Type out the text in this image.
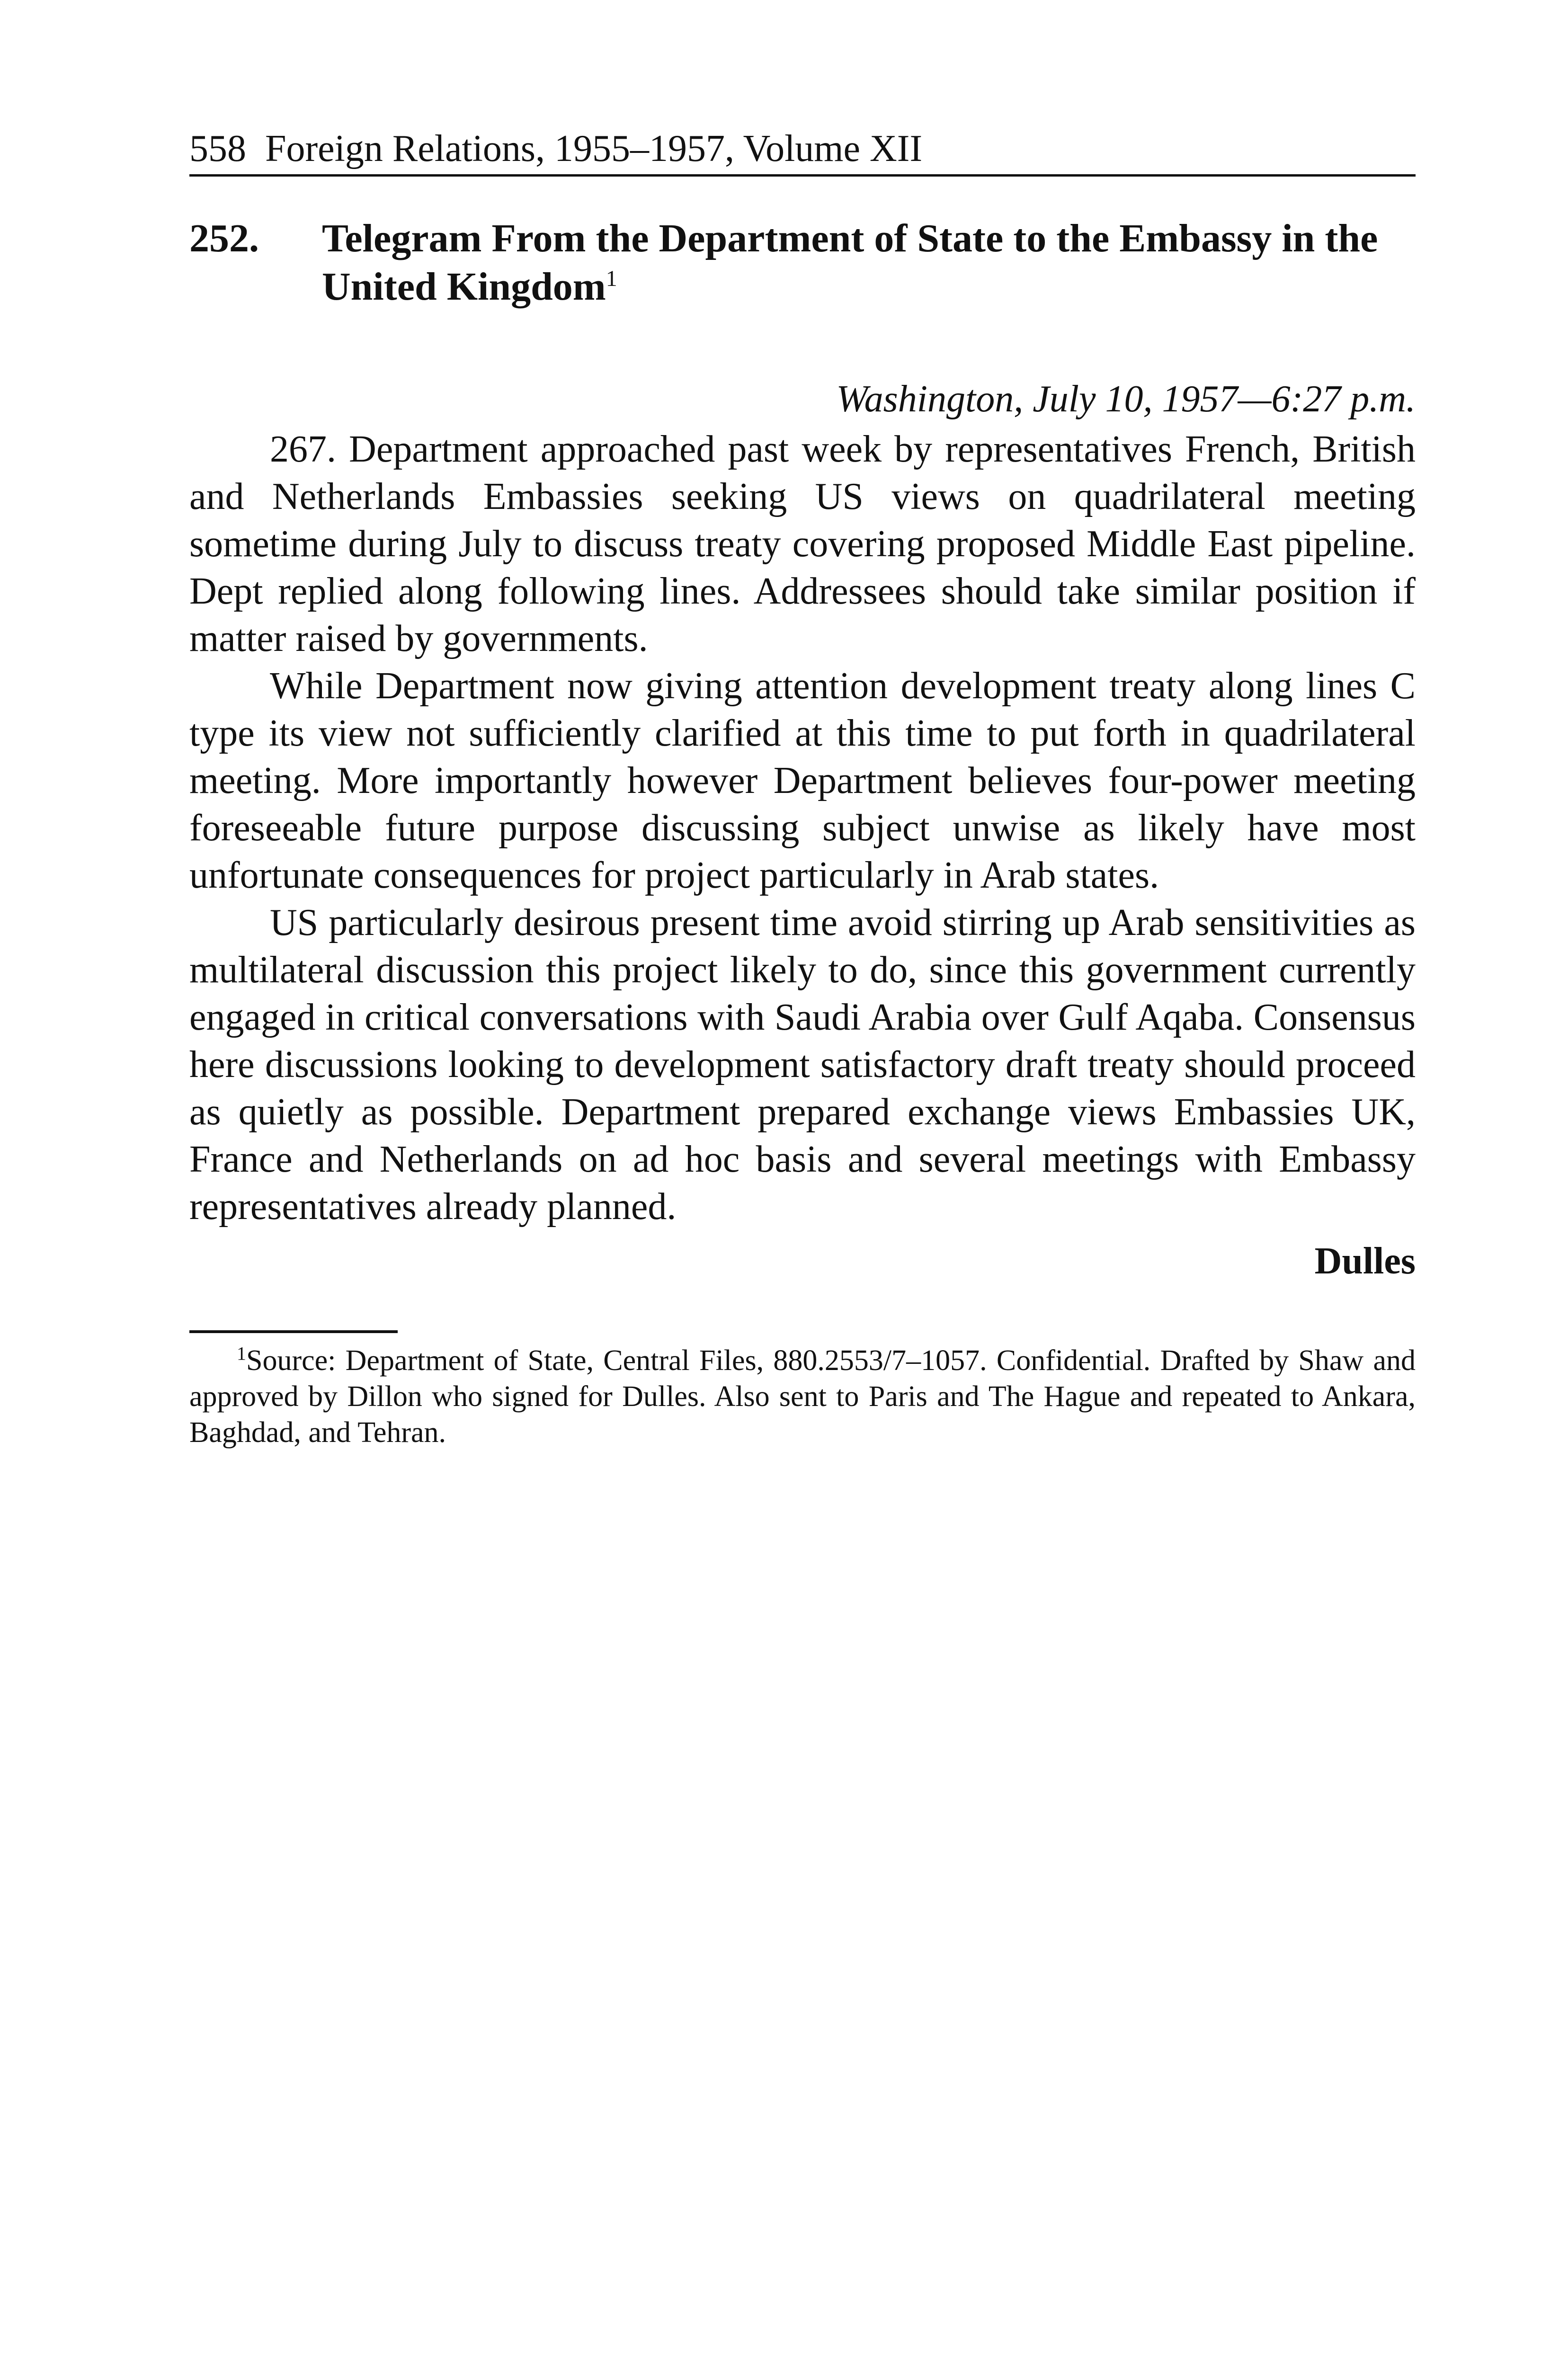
558 Foreign Relations, 1955–1957, Volume XII
252.	Telegram From the Department of State to the Embassy in the United Kingdom$^1$
Washington, July 10, 1957—6:27 p.m.

267. Department approached past week by representatives French, British and Netherlands Embassies seeking US views on quadrilateral meeting sometime during July to discuss treaty covering proposed Middle East pipeline. Dept replied along following lines. Addressees should take similar position if matter raised by governments.

While Department now giving attention development treaty along lines C type its view not sufficiently clarified at this time to put forth in quadrilateral meeting. More importantly however Department believes four-power meeting foreseeable future purpose discussing subject unwise as likely have most unfortunate consequences for project particularly in Arab states.

US particularly desirous present time avoid stirring up Arab sensitivities as multilateral discussion this project likely to do, since this government currently engaged in critical conversations with Saudi Arabia over Gulf Aqaba. Consensus here discussions looking to development satisfactory draft treaty should proceed as quietly as possible. Department prepared exchange views Embassies UK, France and Netherlands on ad hoc basis and several meetings with Embassy representatives already planned.

Dulles
$^1$Source: Department of State, Central Files, 880.2553/7–1057. Confidential. Drafted by Shaw and approved by Dillon who signed for Dulles. Also sent to Paris and The Hague and repeated to Ankara, Baghdad, and Tehran.
